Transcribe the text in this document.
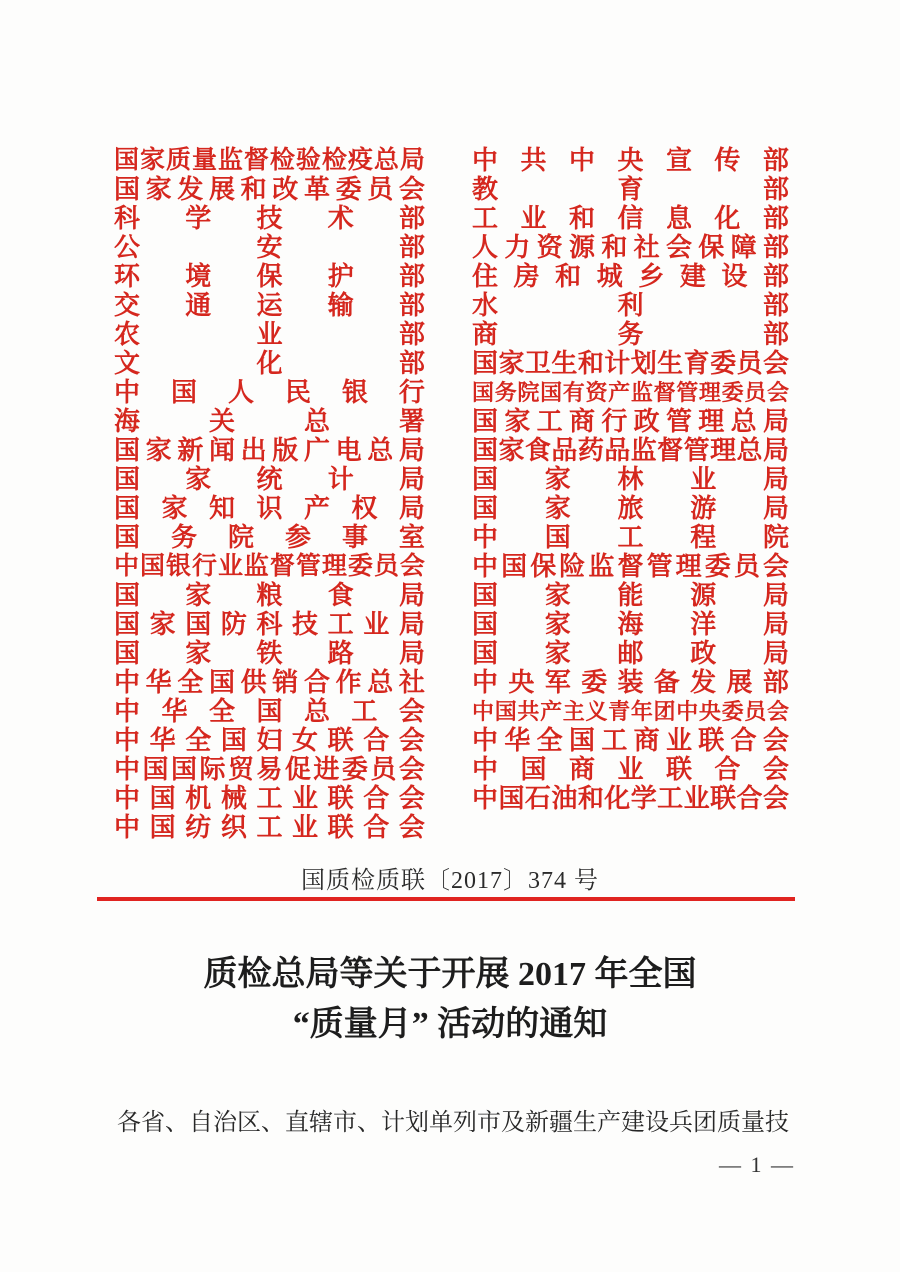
国 家 质 量 监 督 检 验 检 疫 总 局
国 家 发 展 和 改 革 委 员 会
科 学 技 术 部
公	安	部
环 境 保 护 部
交 通 运 输 部
农	业	部
文	化	部
中 国 人 民 银 行
海	关	总	署
国 家 新 闻 出 版 广 电 总 局
国 家 统 计 局
国 家 知 识 产 权 局
国 务 院 参 事 室
中 国 银 行 业 监 督 管 理 委 员 会
国 家 粮 食 局
国 家 国 防 科 技 工 业 局
国 家 铁 路 局
中 华 全 国 供 销 合 作 总 社
中 华 全 国 总 工 会
中 华 全 国 妇 女 联 合 会
中 国 国 际 贸 易 促 进 委 员 会
中 国 机 械 工 业 联 合 会
中 国 纺 织 工 业 联 合 会
中 共 中 央 宣 传 部
教	育	部
工 业 和 信 息 化 部
人 力 资 源 和 社 会 保 障 部
住 房 和 城 乡 建 设 部
水	利	部
商	务	部
国 家 卫 生 和 计 划 生 育 委 员 会
国 务 院 国 有 资 产 监 督 管 理 委 员 会
国 家 工 商 行 政 管 理 总 局
国 家 食 品 药 品 监 督 管 理 总 局
国 家 林 业 局
国 家 旅 游 局
中 国 工 程 院
中 国 保 险 监 督 管 理 委 员 会
国 家 能 源 局
国 家 海 洋 局
国 家 邮 政 局
中 央 军 委 装 备 发 展 部
中 国 共 产 主 义 青 年 团 中 央 委 员 会
中 华 全 国 工 商 业 联 合 会
中 国 商 业 联 合 会
中 国 石 油 和 化 学 工 业 联 合 会
国质检质联〔2017〕374 号
质检总局等关于开展 2017 年全国
“质量月” 活动的通知
各省、自治区、直辖市、计划单列市及新疆生产建设兵团质量技
— 1 —
